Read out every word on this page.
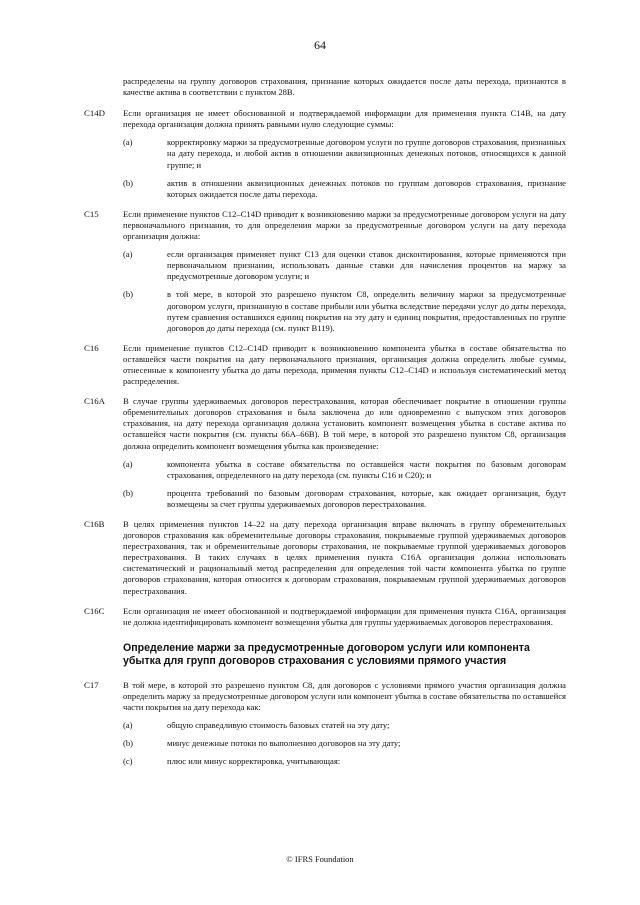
64
распределены на группу договоров страхования, признание которых ожидается после даты перехода, признаются в качестве актива в соответствии с пунктом 28B.
C14D Если организация не имеет обоснованной и подтверждаемой информации для применения пункта C14B, на дату перехода организация должна принять равными нулю следующие суммы:
(a)	корректировку маржи за предусмотренные договором услуги по группе договоров страхования, признанных на дату перехода, и любой актив в отношении аквизиционных денежных потоков, относящихся к данной группе; и
(b)	актив в отношении аквизиционных денежных потоков по группам договоров страхования, признание которых ожидается после даты перехода.
C15	Если применение пунктов C12–C14D приводит к возникновению маржи за предусмотренные договором услуги на дату первоначального признания, то для определения маржи за предусмотренные договором услуги на дату перехода организация должна:
(a)	если организация применяет пункт C13 для оценки ставок дисконтирования, которые применяются при первоначальном признании, использовать данные ставки для начисления процентов на маржу за предусмотренные договором услуги; и
(b)	в той мере, в которой это разрешено пунктом C8, определить величину маржи за предусмотренные договором услуги, признанную в составе прибыли или убытка вследствие передачи услуг до даты перехода, путем сравнения оставшихся единиц покрытия на эту дату и единиц покрытия, предоставленных по группе договоров до даты перехода (см. пункт B119).
C16	Если применение пунктов C12–C14D приводит к возникновению компонента убытка в составе обязательства по оставшейся части покрытия на дату первоначального признания, организация должна определить любые суммы, отнесенные к компоненту убытка до даты перехода, применяя пункты C12–C14D и используя систематический метод распределения.
C16A В случае группы удерживаемых договоров перестрахования, которая обеспечивает покрытие в отношении группы обременительных договоров страхования и была заключена до или одновременно с выпуском этих договоров страхования, на дату перехода организация должна установить компонент возмещения убытка в составе актива по оставшейся части покрытия (см. пункты 66A–66B). В той мере, в которой это разрешено пунктом C8, организация должна определить компонент возмещения убытка как произведение:
(a)	компонента убытка в составе обязательства по оставшейся части покрытия по базовым договорам страхования, определенного на дату перехода (см. пункты C16 и C20); и
(b)	процента требований по базовым договорам страхования, которые, как ожидает организация, будут возмещены за счет группы удерживаемых договоров перестрахования.
C16B В целях применения пунктов 14–22 на дату перехода организация вправе включать в группу обременительных договоров страхования как обременительные договоры страхования, покрываемые группой удерживаемых договоров перестрахования, так и обременительные договоры страхования, не покрываемые группой удерживаемых договоров перестрахования. В таких случаях в целях применения пункта C16A организация должна использовать систематический и рациональный метод распределения для определения той части компонента убытка по группе договоров страхования, которая относится к договорам страхования, покрываемым группой удерживаемых договоров перестрахования.
C16C Если организация не имеет обоснованной и подтверждаемой информации для применения пункта C16A, организация не должна идентифицировать компонент возмещения убытка для группы удерживаемых договоров перестрахования.
Определение маржи за предусмотренные договором услуги или компонента убытка для групп договоров страхования с условиями прямого участия
C17	В той мере, в которой это разрешено пунктом C8, для договоров с условиями прямого участия организация должна определить маржу за предусмотренные договором услуги или компонент убытка в составе обязательства по оставшейся части покрытия на дату перехода как:
(a)	общую справедливую стоимость базовых статей на эту дату;
(b)	минус денежные потоки по выполнению договоров на эту дату;
(c)	плюс или минус корректировка, учитывающая:
© IFRS Foundation
